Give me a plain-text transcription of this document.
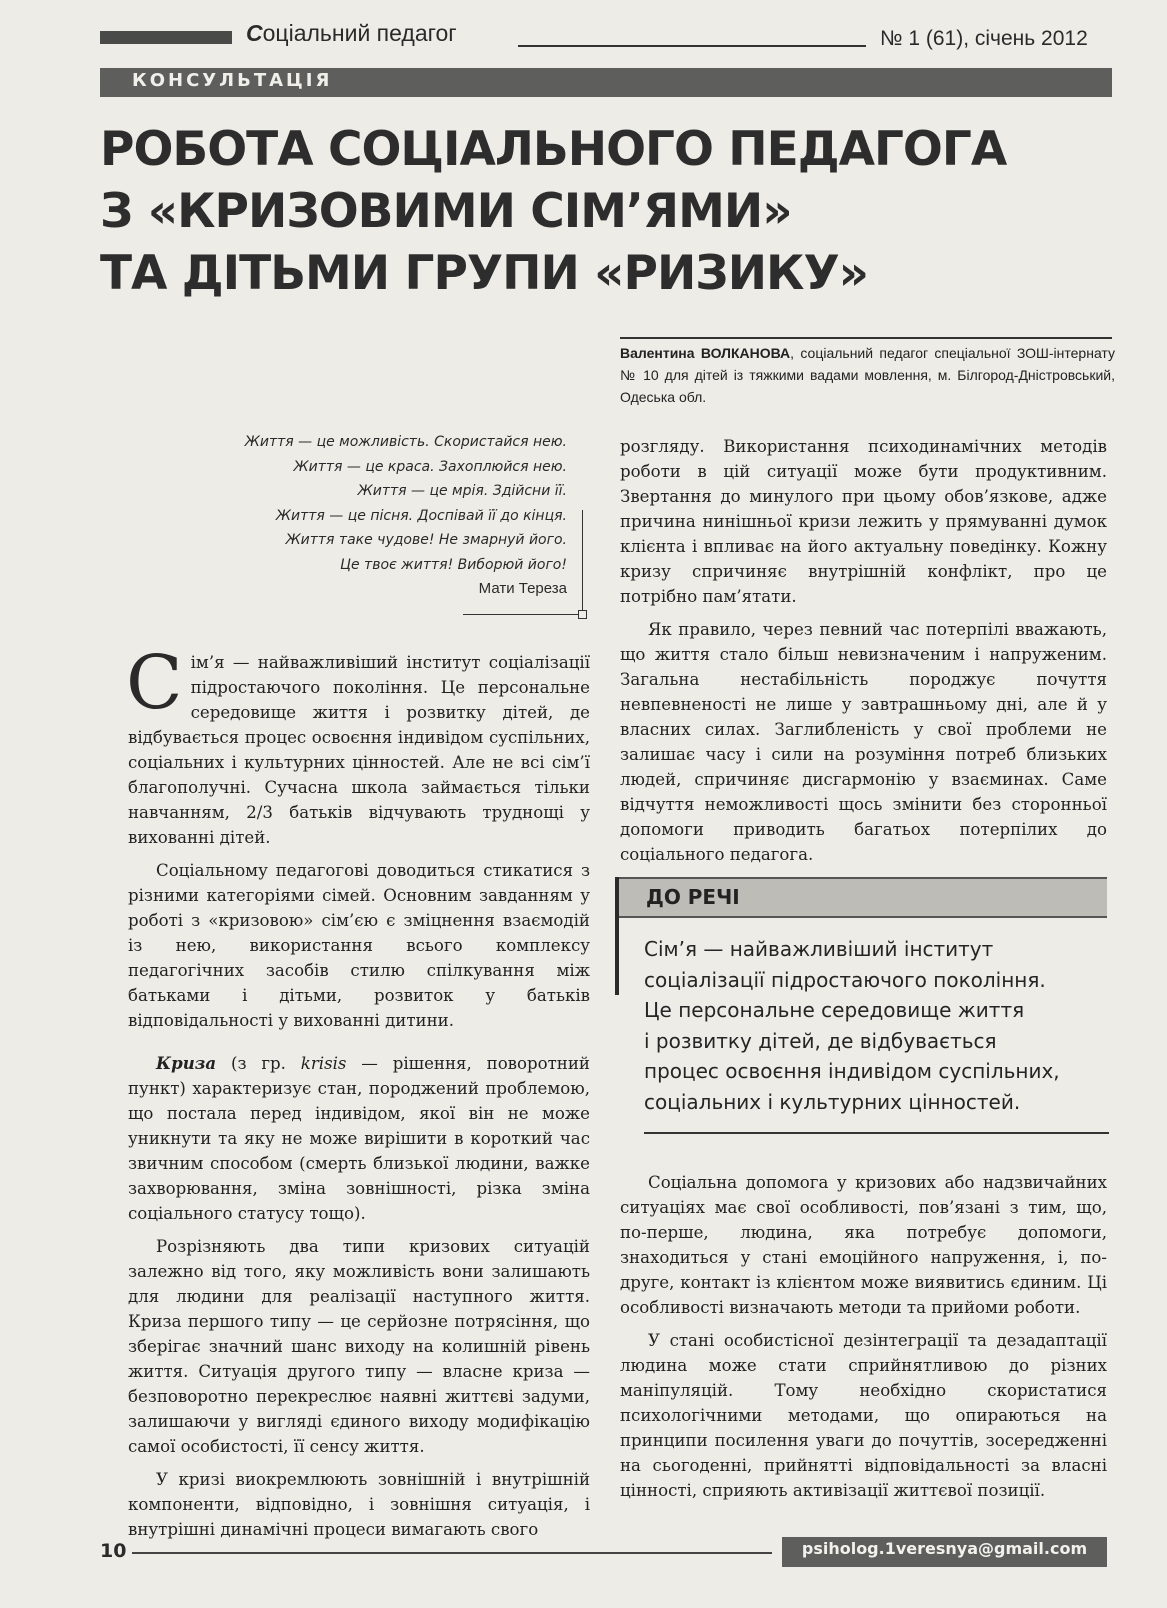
Соціальний педагог	№ 1 (61), січень 2012
КОНСУЛЬТАЦІЯ
РОБОТА СОЦІАЛЬНОГО ПЕДАГОГА
З «КРИЗОВИМИ СІМ’ЯМИ»
ТА ДІТЬМИ ГРУПИ «РИЗИКУ»
Валентина ВОЛКАНОВА, соціальний педагог спеціальної ЗОШ-інтернату № 10 для дітей із тяжкими вадами мовлення, м. Білгород-Дністровський, Одеська обл.
Життя — це можливість. Скористайся нею.
Життя — це краса. Захоплюйся нею.
Життя — це мрія. Здійсни її.
Життя — це пісня. Доспівай її до кінця.
Життя таке чудове! Не змарнуй його.
Це твоє життя! Виборюй його!
Мати Тереза

Сім’я — найважливіший інститут соціалізації підростаючого покоління. Це персональне середовище життя і розвитку дітей, де відбувається процес освоєння індивідом суспільних, соціальних і культурних цінностей. Але не всі сім’ї благополучні. Сучасна школа займається тільки навчанням, 2/3 батьків відчувають труднощі у вихованні дітей.

Соціальному педагогові доводиться стикатися з різними категоріями сімей. Основним завданням у роботі з «кризовою» сім’єю є зміцнення взаємодій із нею, використання всього комплексу педагогічних засобів стилю спілкування між батьками і дітьми, розвиток у батьків відповідальності у вихованні дитини.

Криза (з гр. krisis — рішення, поворотний пункт) характеризує стан, породжений проблемою, що постала перед індивідом, якої він не може уникнути та яку не може вирішити в короткий час звичним способом (смерть близької людини, важке захворювання, зміна зовнішності, різка зміна соціального статусу тощо).

Розрізняють два типи кризових ситуацій залежно від того, яку можливість вони залишають для людини для реалізації наступного життя. Криза першого типу — це серйозне потрясіння, що зберігає значний шанс виходу на колишній рівень життя. Ситуація другого типу — власне криза — безповоротно перекреслює наявні життєві задуми, залишаючи у вигляді єдиного виходу модифікацію самої особистості, її сенсу життя.

У кризі виокремлюють зовнішній і внутрішній компоненти, відповідно, і зовнішня ситуація, і внутрішні динамічні процеси вимагають свого

розгляду. Використання психодинамічних методів роботи в цій ситуації може бути продуктивним. Звертання до минулого при цьому обов’язкове, адже причина нинішньої кризи лежить у прямуванні думок клієнта і впливає на його актуальну поведінку. Кожну кризу спричиняє внутрішній конфлікт, про це потрібно пам’ятати.

Як правило, через певний час потерпілі вважають, що життя стало більш невизначеним і напруженим. Загальна нестабільність породжує почуття невпевненості не лише у завтрашньому дні, але й у власних силах. Заглибленість у свої проблеми не залишає часу і сили на розуміння потреб близьких людей, спричиняє дисгармонію у взаєминах. Саме відчуття неможливості щось змінити без сторонньої допомоги приводить багатьох потерпілих до соціального педагога.

ДО РЕЧІ
Сім’я — найважливіший інститут
соціалізації підростаючого покоління.
Це персональне середовище життя
і розвитку дітей, де відбувається
процес освоєння індивідом суспільних,
соціальних і культурних цінностей.

Соціальна допомога у кризових або надзвичайних ситуаціях має свої особливості, пов’язані з тим, що, по-перше, людина, яка потребує допомоги, знаходиться у стані емоційного напруження, і, по-друге, контакт із клієнтом може виявитись єдиним. Ці особливості визначають методи та прийоми роботи.

У стані особистісної дезінтеграції та дезадаптації людина може стати сприйнятливою до різних маніпуляцій. Тому необхідно скористатися психологічними методами, що опираються на принципи посилення уваги до почуттів, зосередженні на сьогоденні, прийнятті відповідальності за власні цінності, сприяють активізації життєвої позиції.

10	psiholog.1veresnya@gmail.com
